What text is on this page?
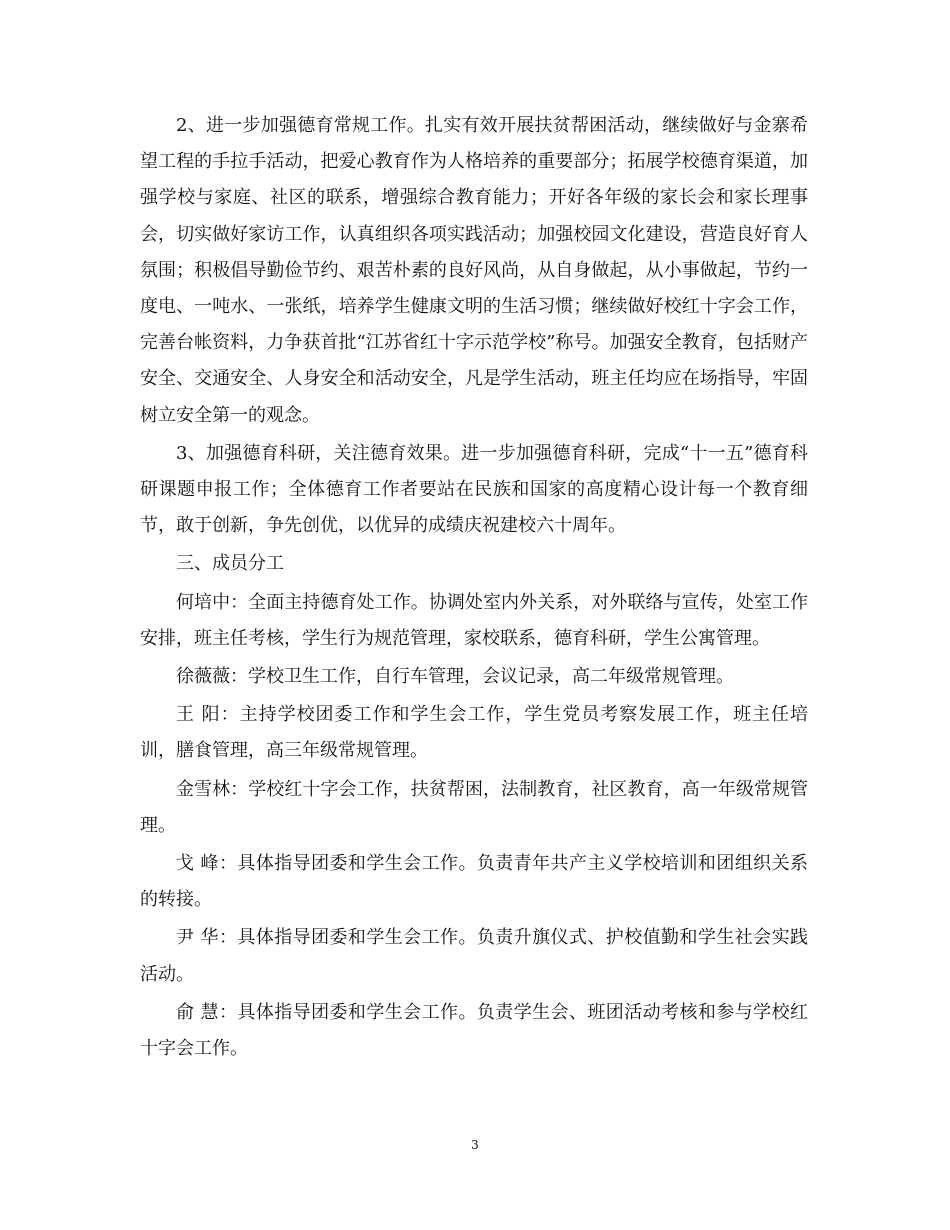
2、进一步加强德育常规工作。扎实有效开展扶贫帮困活动，继续做好与金寨希望工程的手拉手活动，把爱心教育作为人格培养的重要部分；拓展学校德育渠道，加强学校与家庭、社区的联系，增强综合教育能力；开好各年级的家长会和家长理事会，切实做好家访工作，认真组织各项实践活动；加强校园文化建设，营造良好育人氛围；积极倡导勤俭节约、艰苦朴素的良好风尚，从自身做起，从小事做起，节约一度电、一吨水、一张纸，培养学生健康文明的生活习惯；继续做好校红十字会工作，完善台帐资料，力争获首批“江苏省红十字示范学校”称号。加强安全教育，包括财产安全、交通安全、人身安全和活动安全，凡是学生活动，班主任均应在场指导，牢固树立安全第一的观念。

3、加强德育科研，关注德育效果。进一步加强德育科研，完成“十一五”德育科研课题申报工作；全体德育工作者要站在民族和国家的高度精心设计每一个教育细节，敢于创新，争先创优，以优异的成绩庆祝建校六十周年。

三、成员分工

何培中：全面主持德育处工作。协调处室内外关系，对外联络与宣传，处室工作安排，班主任考核，学生行为规范管理，家校联系，德育科研，学生公寓管理。

徐薇薇：学校卫生工作，自行车管理，会议记录，高二年级常规管理。

王 阳：主持学校团委工作和学生会工作，学生党员考察发展工作，班主任培训，膳食管理，高三年级常规管理。

金雪林：学校红十字会工作，扶贫帮困，法制教育，社区教育，高一年级常规管理。

戈 峰：具体指导团委和学生会工作。负责青年共产主义学校培训和团组织关系的转接。

尹 华：具体指导团委和学生会工作。负责升旗仪式、护校值勤和学生社会实践活动。

俞 慧：具体指导团委和学生会工作。负责学生会、班团活动考核和参与学校红十字会工作。

3
